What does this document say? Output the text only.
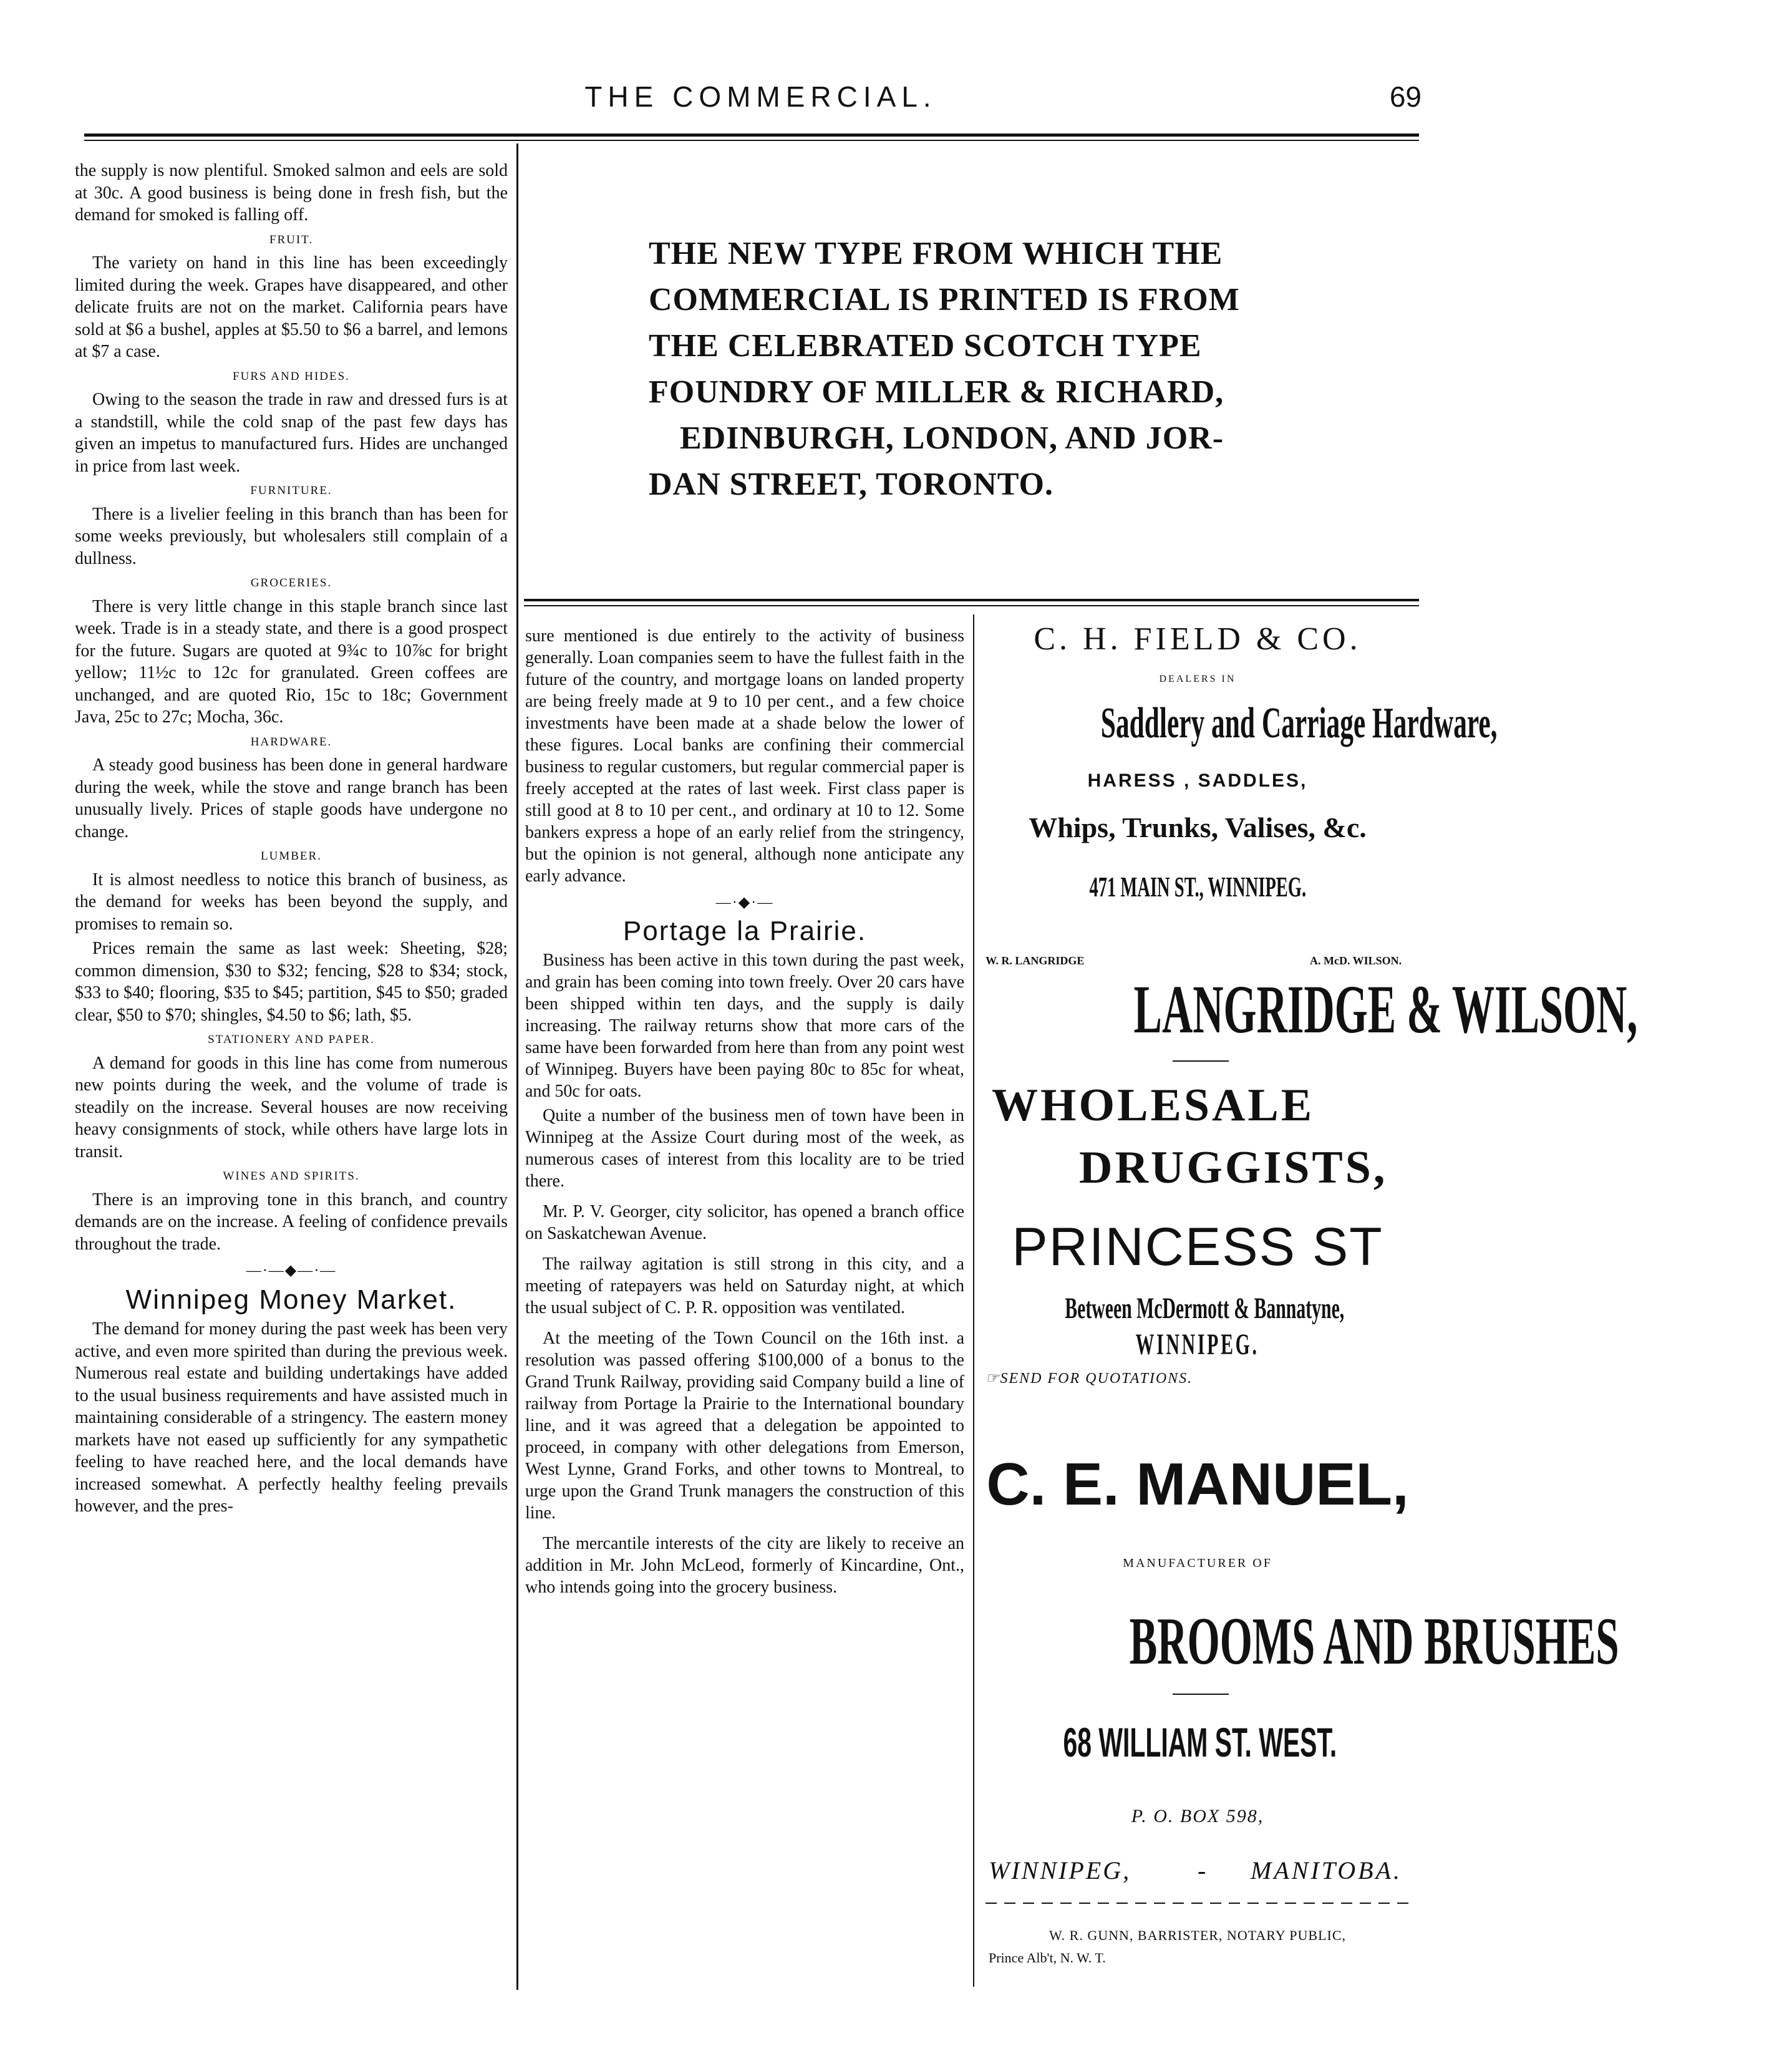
THE COMMERCIAL.	69

the supply is now plentiful. Smoked salmon and eels are sold at 30c. A good business is being done in fresh fish, but the demand for smoked is falling off.

FRUIT.

The variety on hand in this line has been exceedingly limited during the week. Grapes have disappeared, and other delicate fruits are not on the market. California pears have sold at $6 a bushel, apples at $5.50 to $6 a barrel, and lemons at $7 a case.

FURS AND HIDES.

Owing to the season the trade in raw and dressed furs is at a standstill, while the cold snap of the past few days has given an impetus to manufactured furs. Hides are unchanged in price from last week.

FURNITURE.

There is a livelier feeling in this branch than has been for some weeks previously, but wholesalers still complain of a dullness.

GROCERIES.

There is very little change in this staple branch since last week. Trade is in a steady state, and there is a good prospect for the future. Sugars are quoted at 9¾c to 10⅞c for bright yellow; 11½c to 12c for granulated. Green coffees are unchanged, and are quoted Rio, 15c to 18c; Government Java, 25c to 27c; Mocha, 36c.

HARDWARE.

A steady good business has been done in general hardware during the week, while the stove and range branch has been unusually lively. Prices of staple goods have undergone no change.

LUMBER.

It is almost needless to notice this branch of business, as the demand for weeks has been beyond the supply, and promises to remain so.

Prices remain the same as last week: Sheeting, $28; common dimension, $30 to $32; fencing, $28 to $34; stock, $33 to $40; flooring, $35 to $45; partition, $45 to $50; graded clear, $50 to $70; shingles, $4.50 to $6; lath, $5.

STATIONERY AND PAPER.

A demand for goods in this line has come from numerous new points during the week, and the volume of trade is steadily on the increase. Several houses are now receiving heavy consignments of stock, while others have large lots in transit.

WINES AND SPIRITS.

There is an improving tone in this branch, and country demands are on the increase. A feeling of confidence prevails throughout the trade.

—·—◆—·—
Winnipeg Money Market.

The demand for money during the past week has been very active, and even more spirited than during the previous week. Numerous real estate and building undertakings have added to the usual business requirements and have assisted much in maintaining considerable of a stringency. The eastern money markets have not eased up sufficiently for any sympathetic feeling to have reached here, and the local demands have increased somewhat. A perfectly healthy feeling prevails however, and the pres-

THE NEW TYPE FROM WHICH THE
COMMERCIAL IS PRINTED IS FROM
THE CELEBRATED SCOTCH TYPE
FOUNDRY OF MILLER & RICHARD,
EDINBURGH, LONDON, AND JOR-
DAN STREET, TORONTO.

sure mentioned is due entirely to the activity of business generally. Loan companies seem to have the fullest faith in the future of the country, and mortgage loans on landed property are being freely made at 9 to 10 per cent., and a few choice investments have been made at a shade below the lower of these figures. Local banks are confining their commercial business to regular customers, but regular commercial paper is freely accepted at the rates of last week. First class paper is still good at 8 to 10 per cent., and ordinary at 10 to 12. Some bankers express a hope of an early relief from the stringency, but the opinion is not general, although none anticipate any early advance.

—·◆·—
Portage la Prairie.

Business has been active in this town during the past week, and grain has been coming into town freely. Over 20 cars have been shipped within ten days, and the supply is daily increasing. The railway returns show that more cars of the same have been forwarded from here than from any point west of Winnipeg. Buyers have been paying 80c to 85c for wheat, and 50c for oats.

Quite a number of the business men of town have been in Winnipeg at the Assize Court during most of the week, as numerous cases of interest from this locality are to be tried there.

Mr. P. V. Georger, city solicitor, has opened a branch office on Saskatchewan Avenue.

The railway agitation is still strong in this city, and a meeting of ratepayers was held on Saturday night, at which the usual subject of C. P. R. opposition was ventilated.

At the meeting of the Town Council on the 16th inst. a resolution was passed offering $100,000 of a bonus to the Grand Trunk Railway, providing said Company build a line of railway from Portage la Prairie to the International boundary line, and it was agreed that a delegation be appointed to proceed, in company with other delegations from Emerson, West Lynne, Grand Forks, and other towns to Montreal, to urge upon the Grand Trunk managers the construction of this line.

The mercantile interests of the city are likely to receive an addition in Mr. John McLeod, formerly of Kincardine, Ont., who intends going into the grocery business.

C. H. FIELD & CO.
DEALERS IN
Saddlery and Carriage Hardware,
HARESS , SADDLES,
Whips, Trunks, Valises, &c.
471 MAIN ST., WINNIPEG.
W. R. LANGRIDGE	A. McD. WILSON.
LANGRIDGE & WILSON,
WHOLESALE
DRUGGISTS,
PRINCESS ST
Between McDermott & Bannatyne,
WINNIPEG.
☞SEND FOR QUOTATIONS.
C. E. MANUEL,
MANUFACTURER OF
BROOMS AND BRUSHES
68 WILLIAM ST. WEST.
P. O. BOX 598,
WINNIPEG,	- MANITOBA.
W. R. GUNN, BARRISTER, NOTARY PUBLIC,
Prince Alb't, N. W. T.
